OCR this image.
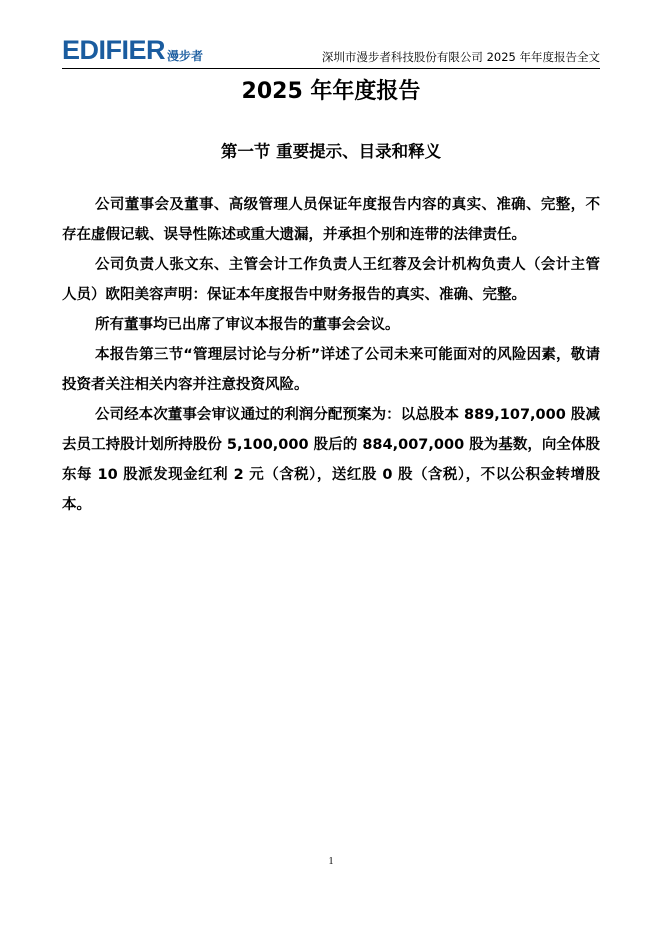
EDIFIER 漫步者	深圳市漫步者科技股份有限公司 2025 年年度报告全文
2025 年年度报告
第一节 重要提示、目录和释义

公司董事会及董事、高级管理人员保证年度报告内容的真实、准确、完整，不存在虚假记载、误导性陈述或重大遗漏，并承担个别和连带的法律责任。

公司负责人张文东、主管会计工作负责人王红蓉及会计机构负责人（会计主管人员）欧阳美容声明：保证本年度报告中财务报告的真实、准确、完整。

所有董事均已出席了审议本报告的董事会会议。

本报告第三节“管理层讨论与分析”详述了公司未来可能面对的风险因素，敬请投资者关注相关内容并注意投资风险。

公司经本次董事会审议通过的利润分配预案为：以总股本 889,107,000 股减去员工持股计划所持股份 5,100,000 股后的 884,007,000 股为基数，向全体股东每 10 股派发现金红利 2 元（含税），送红股 0 股（含税），不以公积金转增股本。

1
